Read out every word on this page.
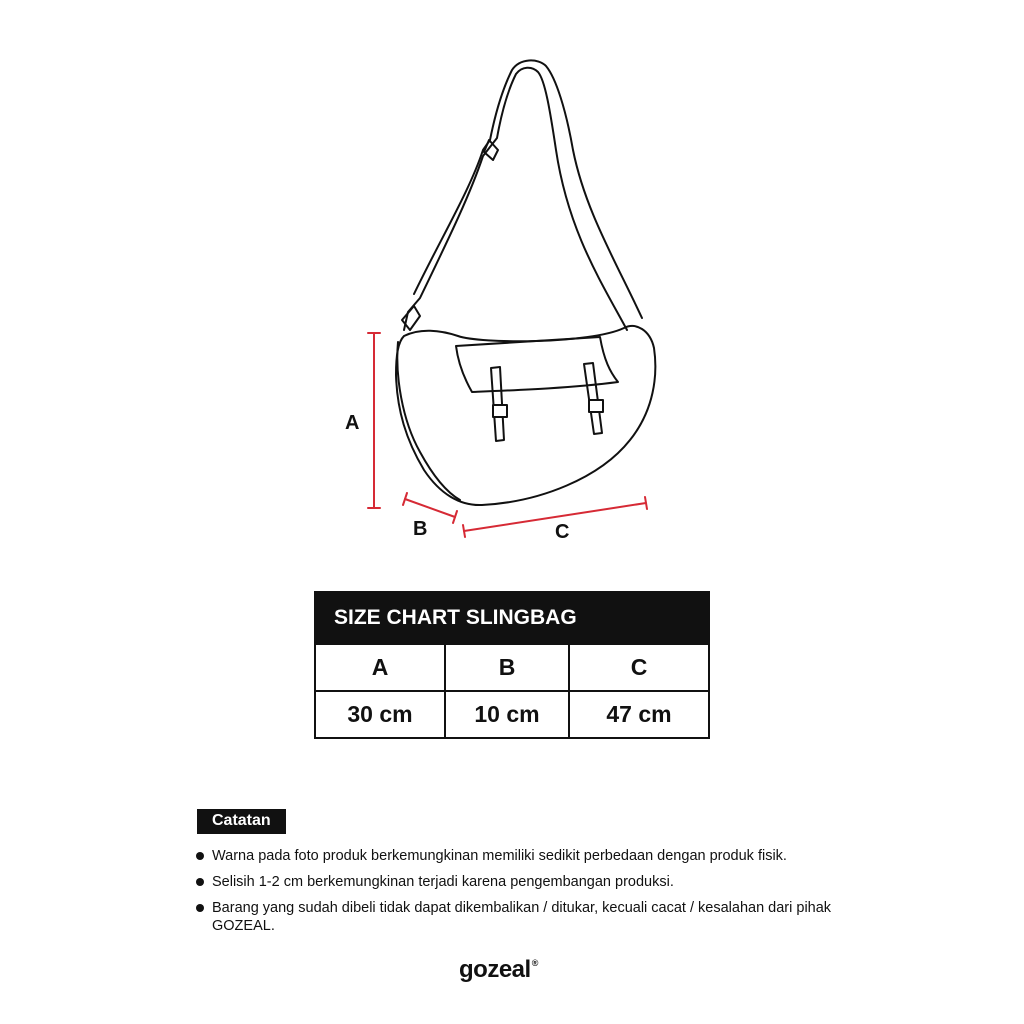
A
B	C
SIZE CHART SLINGBAG		
A	B	C
30 cm	10 cm	47 cm
Catatan
Warna pada foto produk berkemungkinan memiliki sedikit perbedaan dengan produk fisik.
Selisih 1-2 cm berkemungkinan terjadi karena pengembangan produksi.
Barang yang sudah dibeli tidak dapat dikembalikan / ditukar, kecuali cacat / kesalahan dari pihak GOZEAL.
gozeal®
